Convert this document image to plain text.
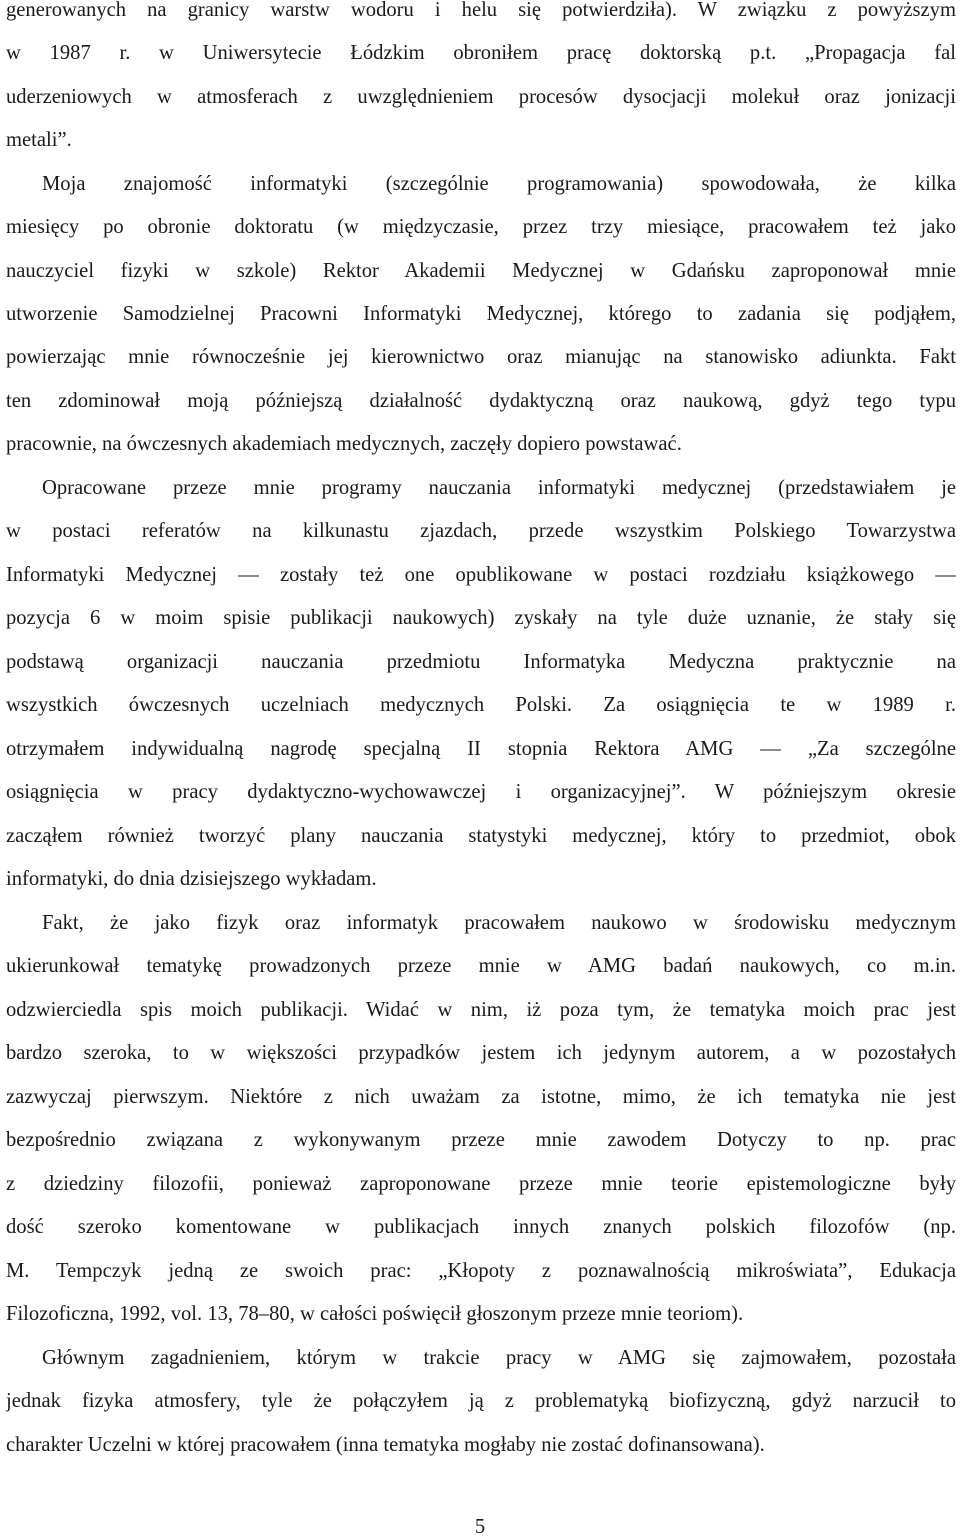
generowanych na granicy warstw wodoru i helu się potwierdziła). W związku z powyższym
w 1987 r. w Uniwersytecie Łódzkim obroniłem pracę doktorską p.t. „Propagacja fal
uderzeniowych w atmosferach z uwzględnieniem procesów dysocjacji molekuł oraz jonizacji
metali”.
Moja znajomość informatyki (szczególnie programowania) spowodowała, że kilka
miesięcy po obronie doktoratu (w międzyczasie, przez trzy miesiące, pracowałem też jako
nauczyciel fizyki w szkole) Rektor Akademii Medycznej w Gdańsku zaproponował mnie
utworzenie Samodzielnej Pracowni Informatyki Medycznej, którego to zadania się podjąłem,
powierzając mnie równocześnie jej kierownictwo oraz mianując na stanowisko adiunkta. Fakt
ten zdominował moją późniejszą działalność dydaktyczną oraz naukową, gdyż tego typu
pracownie, na ówczesnych akademiach medycznych, zaczęły dopiero powstawać.
Opracowane przeze mnie programy nauczania informatyki medycznej (przedstawiałem je
w postaci referatów na kilkunastu zjazdach, przede wszystkim Polskiego Towarzystwa
Informatyki Medycznej — zostały też one opublikowane w postaci rozdziału książkowego —
pozycja 6 w moim spisie publikacji naukowych) zyskały na tyle duże uznanie, że stały się
podstawą organizacji nauczania przedmiotu Informatyka Medyczna praktycznie na
wszystkich ówczesnych uczelniach medycznych Polski. Za osiągnięcia te w 1989 r.
otrzymałem indywidualną nagrodę specjalną II stopnia Rektora AMG — „Za szczególne
osiągnięcia w pracy dydaktyczno-wychowawczej i organizacyjnej”. W późniejszym okresie
zacząłem również tworzyć plany nauczania statystyki medycznej, który to przedmiot, obok
informatyki, do dnia dzisiejszego wykładam.
Fakt, że jako fizyk oraz informatyk pracowałem naukowo w środowisku medycznym
ukierunkował tematykę prowadzonych przeze mnie w AMG badań naukowych, co m.in.
odzwierciedla spis moich publikacji. Widać w nim, iż poza tym, że tematyka moich prac jest
bardzo szeroka, to w większości przypadków jestem ich jedynym autorem, a w pozostałych
zazwyczaj pierwszym. Niektóre z nich uważam za istotne, mimo, że ich tematyka nie jest
bezpośrednio związana z wykonywanym przeze mnie zawodem Dotyczy to np. prac
z dziedziny filozofii, ponieważ zaproponowane przeze mnie teorie epistemologiczne były
dość szeroko komentowane w publikacjach innych znanych polskich filozofów (np.
M. Tempczyk jedną ze swoich prac: „Kłopoty z poznawalnością mikroświata”, Edukacja
Filozoficzna, 1992, vol. 13, 78–80, w całości poświęcił głoszonym przeze mnie teoriom).
Głównym zagadnieniem, którym w trakcie pracy w AMG się zajmowałem, pozostała
jednak fizyka atmosfery, tyle że połączyłem ją z problematyką biofizyczną, gdyż narzucił to
charakter Uczelni w której pracowałem (inna tematyka mogłaby nie zostać dofinansowana).
5
